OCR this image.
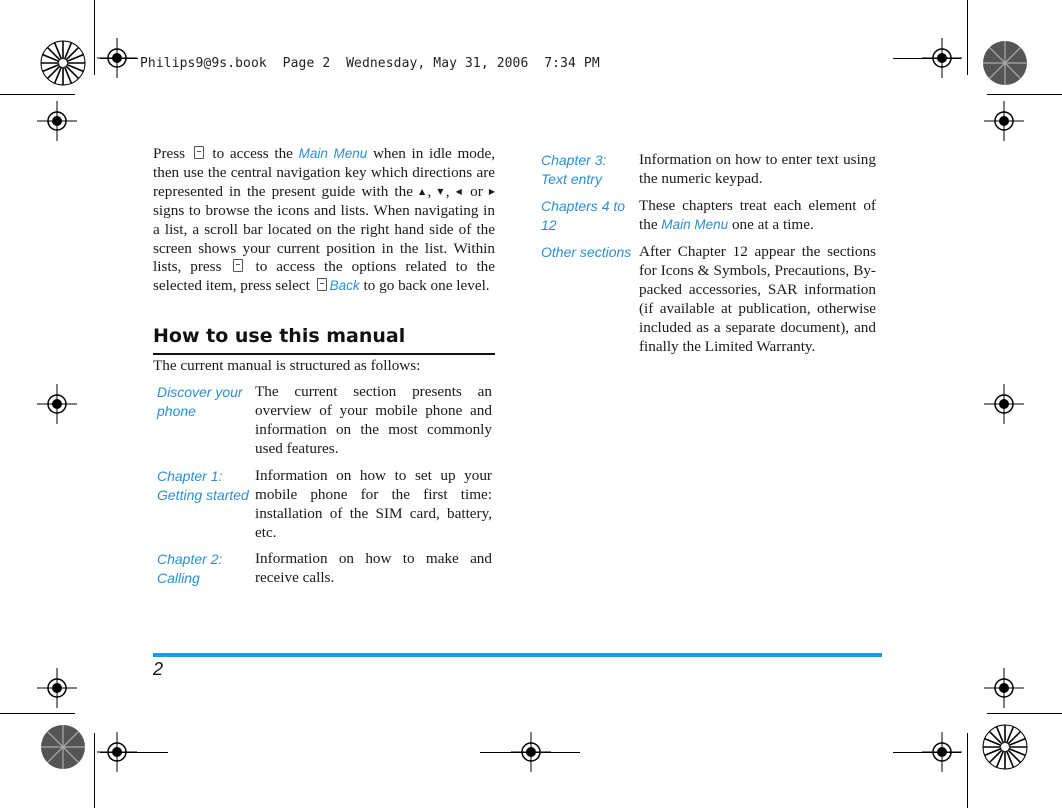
Philips9@9s.book  Page 2  Wednesday, May 31, 2006  7:34 PM

Press  to access the Main Menu when in idle mode, then use the central navigation key which directions are represented in the present guide with the ▲, ▼, ◀ or ▶ signs to browse the icons and lists. When navigating in a list, a scroll bar located on the right hand side of the screen shows your current position in the list. Within lists, press  to access the options related to the selected item, press select Back to go back one level.

How to use this manual
The current manual is structured as follows:
Discover your phone
The current section presents an overview of your mobile phone and information on the most commonly used features.
Chapter 1: Getting started
Information on how to set up your mobile phone for the first time: installation of the SIM card, battery, etc.
Chapter 2: Calling
Information on how to make and receive calls.
Chapter 3: Text entry
Information on how to enter text using the numeric keypad.
Chapters 4 to 12
These chapters treat each element of the Main Menu one at a time.
Other sections After Chapter 12 appear the sections for Icons & Symbols, Precautions, By-packed accessories, SAR information (if available at publication, otherwise included as a separate document), and finally the Limited Warranty.
2
